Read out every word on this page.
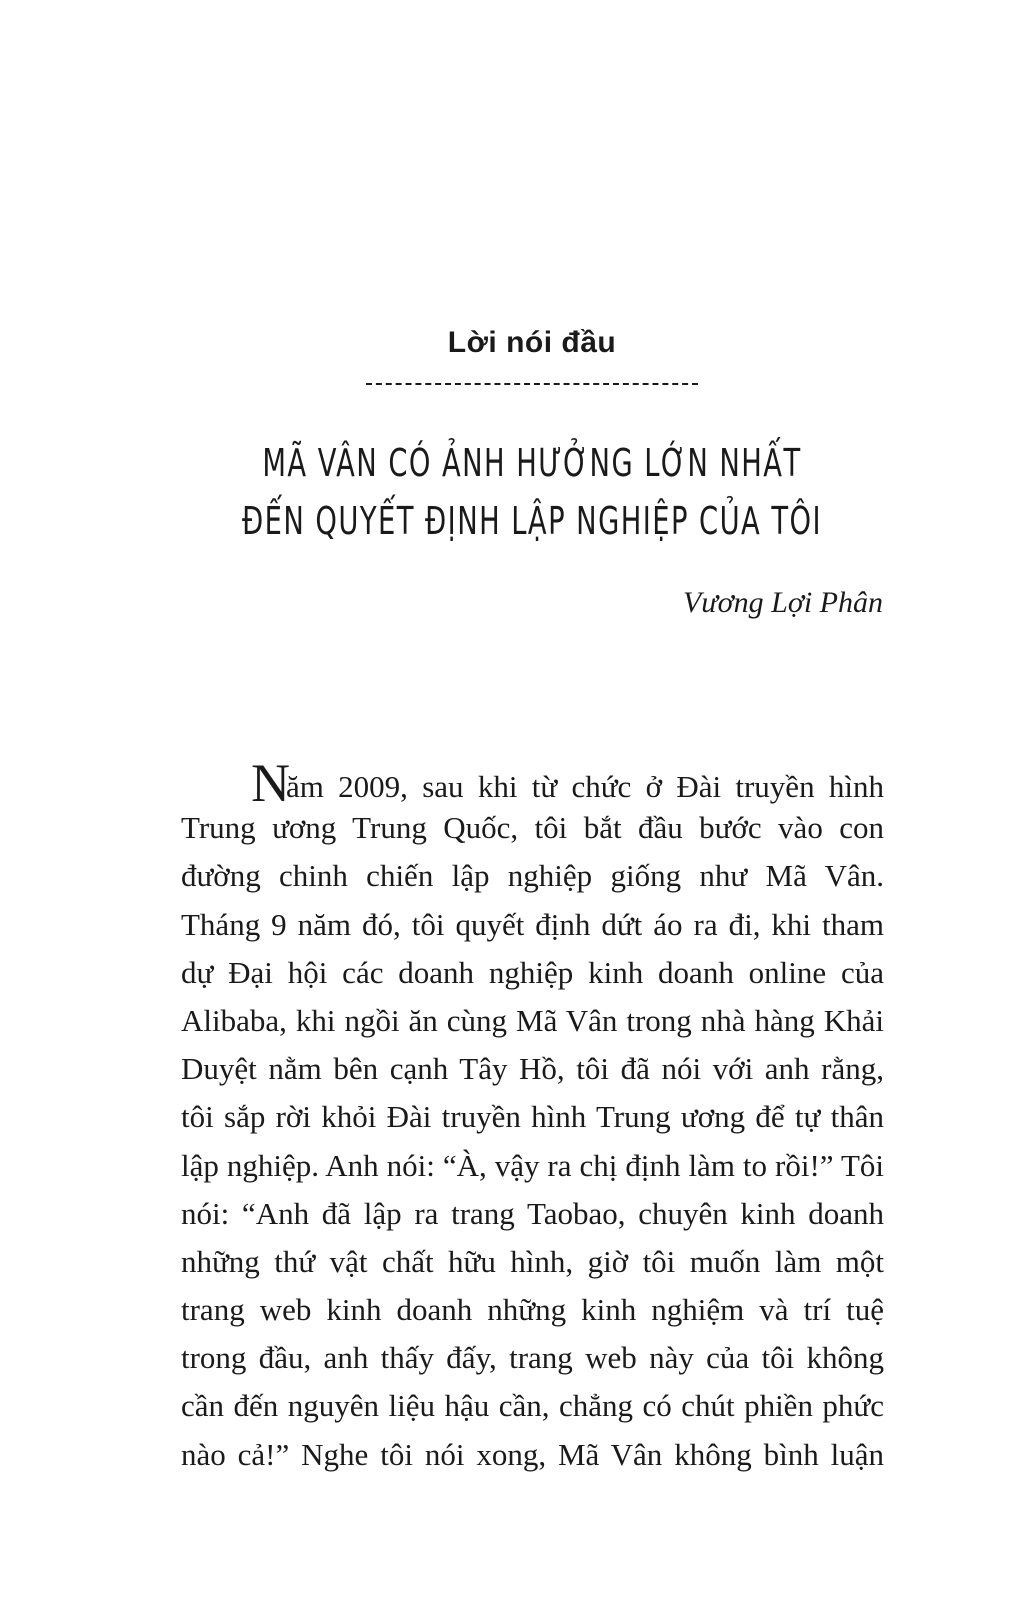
Lời nói đầu
MÃ VÂN CÓ ẢNH HƯỞNG LỚN NHẤT
ĐẾN QUYẾT ĐỊNH LẬP NGHIỆP CỦA TÔI
Vương Lợi Phân
Năm 2009, sau khi từ chức ở Đài truyền hình
Trung ương Trung Quốc, tôi bắt đầu bước vào con
đường chinh chiến lập nghiệp giống như Mã Vân.
Tháng 9 năm đó, tôi quyết định dứt áo ra đi, khi tham
dự Đại hội các doanh nghiệp kinh doanh online của
Alibaba, khi ngồi ăn cùng Mã Vân trong nhà hàng Khải
Duyệt nằm bên cạnh Tây Hồ, tôi đã nói với anh rằng,
tôi sắp rời khỏi Đài truyền hình Trung ương để tự thân
lập nghiệp. Anh nói: “À, vậy ra chị định làm to rồi!” Tôi
nói: “Anh đã lập ra trang Taobao, chuyên kinh doanh
những thứ vật chất hữu hình, giờ tôi muốn làm một
trang web kinh doanh những kinh nghiệm và trí tuệ
trong đầu, anh thấy đấy, trang web này của tôi không
cần đến nguyên liệu hậu cần, chẳng có chút phiền phức
nào cả!” Nghe tôi nói xong, Mã Vân không bình luận
